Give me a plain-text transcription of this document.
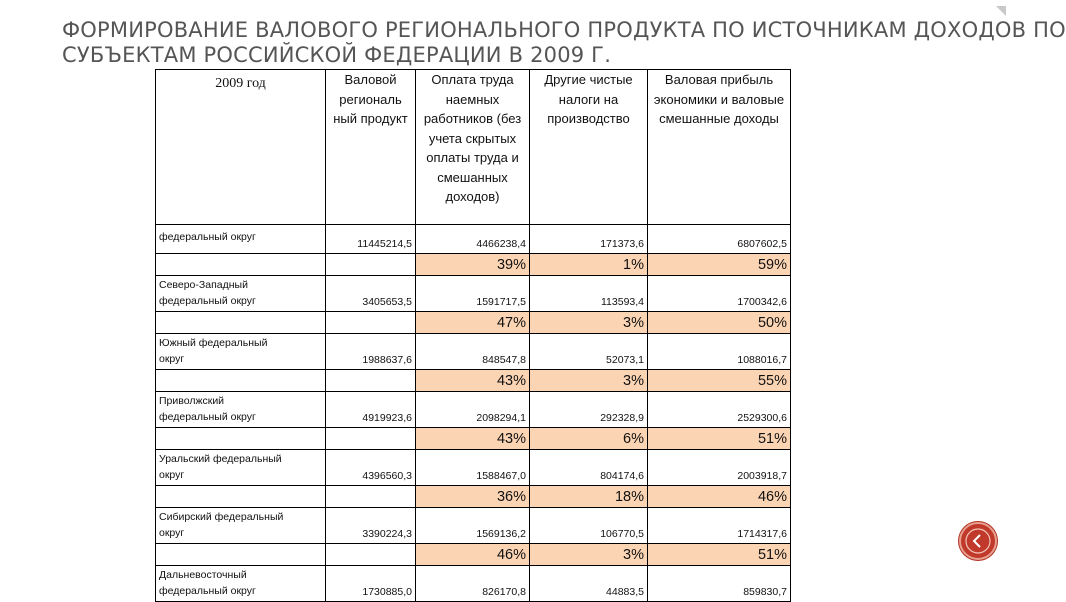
ФОРМИРОВАНИЕ ВАЛОВОГО РЕГИОНАЛЬНОГО ПРОДУКТА ПО ИСТОЧНИКАМ ДОХОДОВ ПО
СУБЪЕКТАМ РОССИЙСКОЙ ФЕДЕРАЦИИ В 2009 Г.
2009 год	Валовой региональ ный продукт	Оплата труда наемных работников (без учета скрытых оплаты труда и смешанных доходов)	Другие чистые налоги на производство	Валовая прибыль экономики и валовые смешанные доходы

федеральный округ	11445214,5	4466238,4	171373,6	6807602,5
		39%	1%	59%

Северо-Западный
федеральный округ	3405653,5	1591717,5	113593,4	1700342,6
		47%	3%	50%

Южный федеральный
округ	1988637,6	848547,8	52073,1	1088016,7
		43%	3%	55%

Приволжский
федеральный округ	4919923,6	2098294,1	292328,9	2529300,6
		43%	6%	51%

Уральский федеральный
округ	4396560,3	1588467,0	804174,6	2003918,7
		36%	18%	46%

Сибирский федеральный
округ	3390224,3	1569136,2	106770,5	1714317,6
		46%	3%	51%

Дальневосточный
федеральный округ	1730885,0	826170,8	44883,5	859830,7
